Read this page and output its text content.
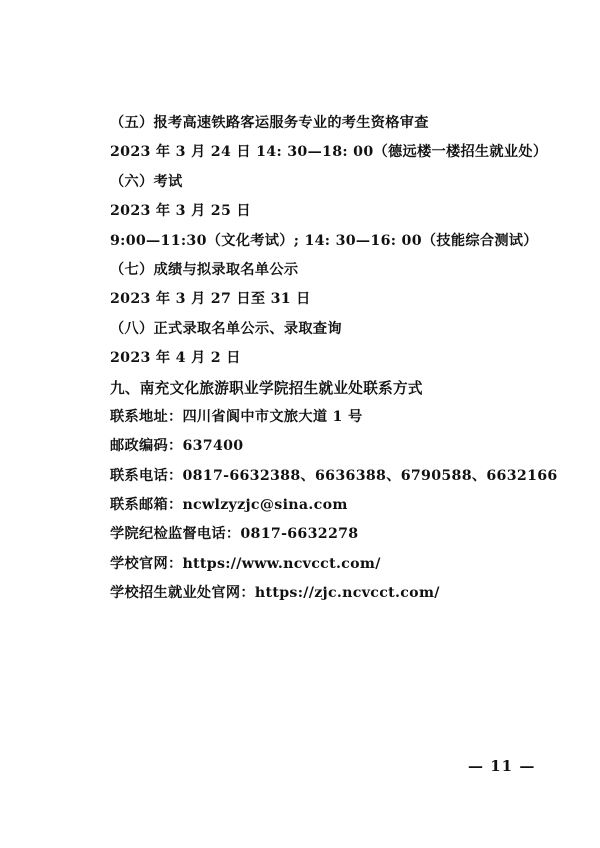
（五）报考高速铁路客运服务专业的考生资格审查
2023 年 3 月 24 日 14: 30—18: 00（德远楼一楼招生就业处）
（六）考试
2023 年 3 月 25 日
9:00—11:30（文化考试）; 14: 30—16: 00（技能综合测试）
（七）成绩与拟录取名单公示
2023 年 3 月 27 日至 31 日
（八）正式录取名单公示、录取查询
2023 年 4 月 2 日
九、南充文化旅游职业学院招生就业处联系方式
联系地址：四川省阆中市文旅大道 1 号
邮政编码：637400
联系电话：0817-6632388、6636388、6790588、6632166
联系邮箱：ncwlzyzjc@sina.com
学院纪检监督电话：0817-6632278
学校官网：https://www.ncvcct.com/
学校招生就业处官网：https://zjc.ncvcct.com/
— 11 —
